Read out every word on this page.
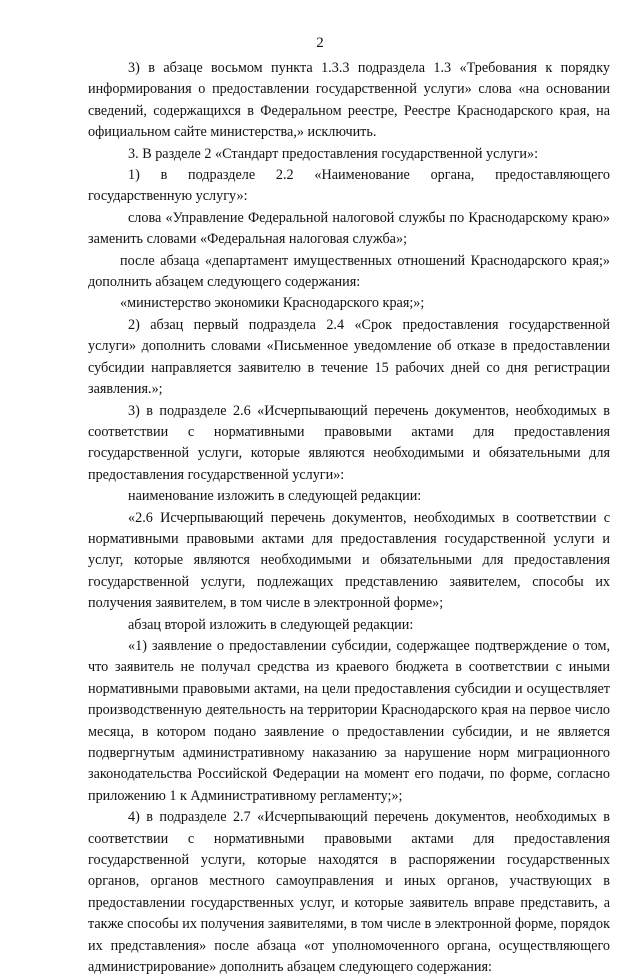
2

3) в абзаце восьмом пункта 1.3.3 подраздела 1.3 «Требования к порядку информирования о предоставлении государственной услуги» слова «на основании сведений, содержащихся в Федеральном реестре, Реестре Краснодарского края, на официальном сайте министерства,» исключить.

3. В разделе 2 «Стандарт предоставления государственной услуги»:

1) в подразделе 2.2 «Наименование органа, предоставляющего государственную услугу»:

слова «Управление Федеральной налоговой службы по Краснодарскому краю» заменить словами «Федеральная налоговая служба»;

после абзаца «департамент имущественных отношений Краснодарского края;» дополнить абзацем следующего содержания:

«министерство экономики Краснодарского края;»;

2) абзац первый подраздела 2.4 «Срок предоставления государственной услуги» дополнить словами «Письменное уведомление об отказе в предоставлении субсидии направляется заявителю в течение 15 рабочих дней со дня регистрации заявления.»;

3) в подразделе 2.6 «Исчерпывающий перечень документов, необходимых в соответствии с нормативными правовыми актами для предоставления государственной услуги, которые являются необходимыми и обязательными для предоставления государственной услуги»:

наименование изложить в следующей редакции:

«2.6 Исчерпывающий перечень документов, необходимых в соответствии с нормативными правовыми актами для предоставления государственной услуги и услуг, которые являются необходимыми и обязательными для предоставления государственной услуги, подлежащих представлению заявителем, способы их получения заявителем, в том числе в электронной форме»;

абзац второй изложить в следующей редакции:

«1) заявление о предоставлении субсидии, содержащее подтверждение о том, что заявитель не получал средства из краевого бюджета в соответствии с иными нормативными правовыми актами, на цели предоставления субсидии и осуществляет производственную деятельность на территории Краснодарского края на первое число месяца, в котором подано заявление о предоставлении субсидии, и не является подвергнутым административному наказанию за нарушение норм миграционного законодательства Российской Федерации на момент его подачи, по форме, согласно приложению 1 к Административному регламенту;»;

4) в подразделе 2.7 «Исчерпывающий перечень документов, необходимых в соответствии с нормативными правовыми актами для предоставления государственной услуги, которые находятся в распоряжении государственных органов, органов местного самоуправления и иных органов, участвующих в предоставлении государственных услуг, и которые заявитель вправе представить, а также способы их получения заявителями, в том числе в электронной форме, порядок их представления» после абзаца «от уполномоченного органа, осуществляющего администрирование» дополнить абзацем следующего содержания:
